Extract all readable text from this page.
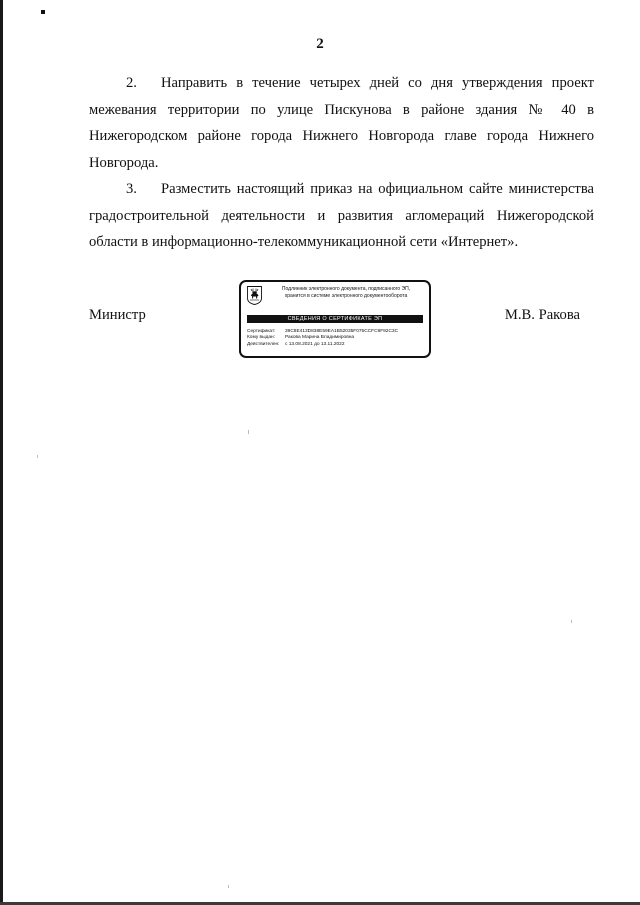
2

2. Направить в течение четырех дней со дня утверждения проект межевания территории по улице Пискунова в районе здания № 40 в Нижегородском районе города Нижнего Новгорода главе города Нижнего Новгорода.

3. Разместить настоящий приказ на официальном сайте министерства градостроительной деятельности и развития агломераций Нижегородской области в информационно-телекоммуникационной сети «Интернет».

Министр
Подлинник электронного документа, подписанного ЭП,
хранится в системе электронного документооборота
СВЕДЕНИЯ О СЕРТИФИКАТЕ ЭП
Сертификат: 39C8E413D838E59EA1B52035F075CCFC9F92C3C
Кому выдан: Ракова Марина Владимировна
Действителен: с 13.08.2021 до 13.11.2022
М.В. Ракова
